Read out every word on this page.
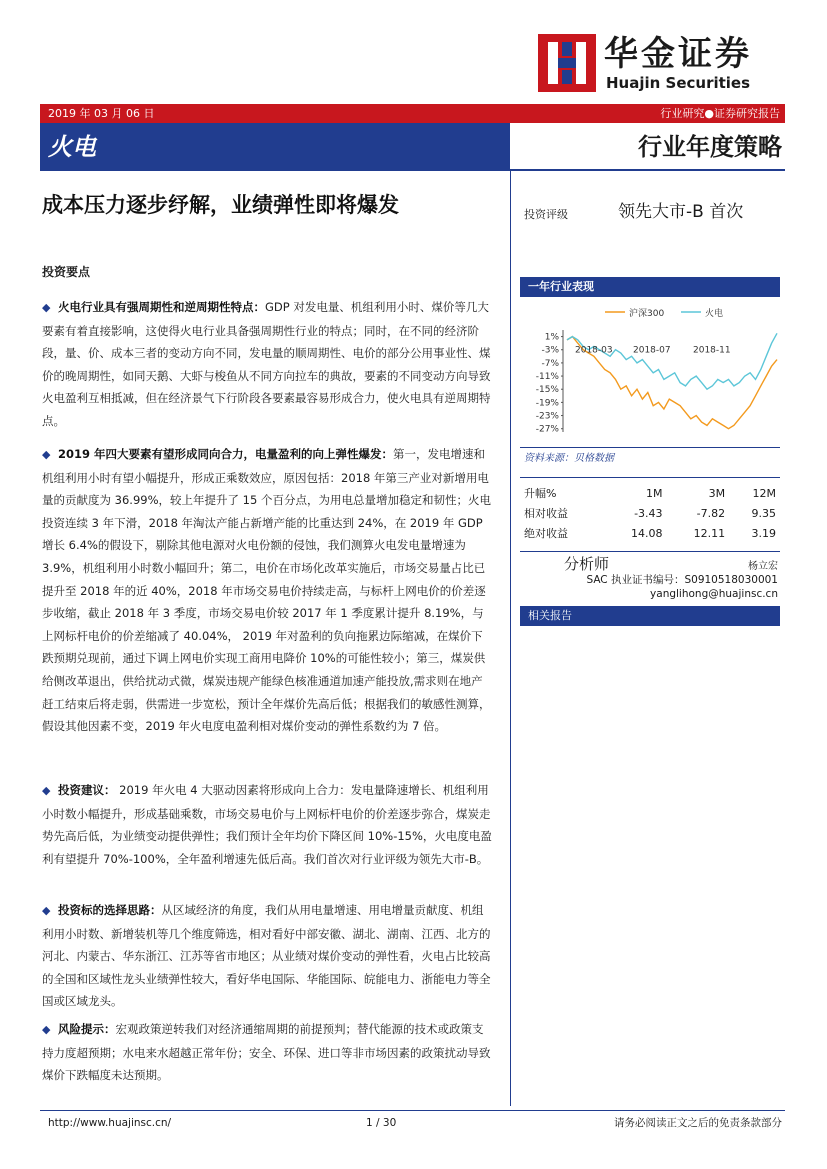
华金证券
Huajin Securities
2019 年 03 月 06 日	行业研究●证券研究报告
火电	行业年度策略
成本压力逐步纾解，业绩弹性即将爆发
投资要点
◆ 火电行业具有强周期性和逆周期性特点：GDP 对发电量、机组利用小时、煤价等几大要素有着直接影响，这使得火电行业具备强周期性行业的特点；同时，在不同的经济阶段，量、价、成本三者的变动方向不同，发电量的顺周期性、电价的部分公用事业性、煤价的晚周期性，如同天鹅、大虾与梭鱼从不同方向拉车的典故，要素的不同变动方向导致火电盈利互相抵减，但在经济景气下行阶段各要素最容易形成合力，使火电具有逆周期特点。
◆ 2019 年四大要素有望形成同向合力，电量盈利的向上弹性爆发：第一，发电增速和机组利用小时有望小幅提升，形成正乘数效应，原因包括：2018 年第三产业对新增用电量的贡献度为 36.99%，较上年提升了 15 个百分点，为用电总量增加稳定和韧性；火电投资连续 3 年下滑，2018 年淘汰产能占新增产能的比重达到 24%，在 2019 年 GDP 增长 6.4%的假设下，剔除其他电源对火电份额的侵蚀，我们测算火电发电量增速为 3.9%，机组利用小时数小幅回升；第二，电价在市场化改革实施后，市场交易量占比已提升至 2018 年的近 40%，2018 年市场交易电价持续走高，与标杆上网电价的价差逐步收缩，截止 2018 年 3 季度，市场交易电价较 2017 年 1 季度累计提升 8.19%，与上网标杆电价的价差缩减了 40.04%， 2019 年对盈利的负向拖累边际缩减，在煤价下跌预期兑现前，通过下调上网电价实现工商用电降价 10%的可能性较小；第三，煤炭供给侧改革退出，供给扰动式微，煤炭违规产能绿色核准通道加速产能投放,需求则在地产赶工结束后将走弱，供需进一步宽松，预计全年煤价先高后低；根据我们的敏感性测算，假设其他因素不变，2019 年火电度电盈利相对煤价变动的弹性系数约为 7 倍。
◆ 投资建议： 2019 年火电 4 大驱动因素将形成向上合力：发电量降速增长、机组利用小时数小幅提升，形成基础乘数，市场交易电价与上网标杆电价的价差逐步弥合，煤炭走势先高后低，为业绩变动提供弹性；我们预计全年均价下降区间 10%-15%，火电度电盈利有望提升 70%-100%，全年盈利增速先低后高。我们首次对行业评级为领先大市-B。
◆ 投资标的选择思路：从区域经济的角度，我们从用电量增速、用电增量贡献度、机组利用小时数、新增装机等几个维度筛选，相对看好中部安徽、湖北、湖南、江西、北方的河北、内蒙古、华东浙江、江苏等省市地区；从业绩对煤价变动的弹性看，火电占比较高的全国和区域性龙头业绩弹性较大，看好华电国际、华能国际、皖能电力、浙能电力等全国或区域龙头。
◆ 风险提示：宏观政策逆转我们对经济通缩周期的前提预判；替代能源的技术或政策支持力度超预期；水电来水超越正常年份；安全、环保、进口等非市场因素的政策扰动导致煤价下跌幅度未达预期。
投资评级	领先大市-B 首次
一年行业表现
沪深300	火电
1%
-3%
-7%
-11%
-15%
-19%
-23%
-27%
2018-03 2018-07 2018-11
资料来源：贝格数据
升幅%	1M	3M	12M
相对收益	-3.43	-7.82	9.35
绝对收益	14.08	12.11	3.19
分析师	杨立宏
SAC 执业证书编号：S0910518030001
yanglihong@huajinsc.cn
相关报告
http://www.huajinsc.cn/	1 / 30	请务必阅读正文之后的免责条款部分
